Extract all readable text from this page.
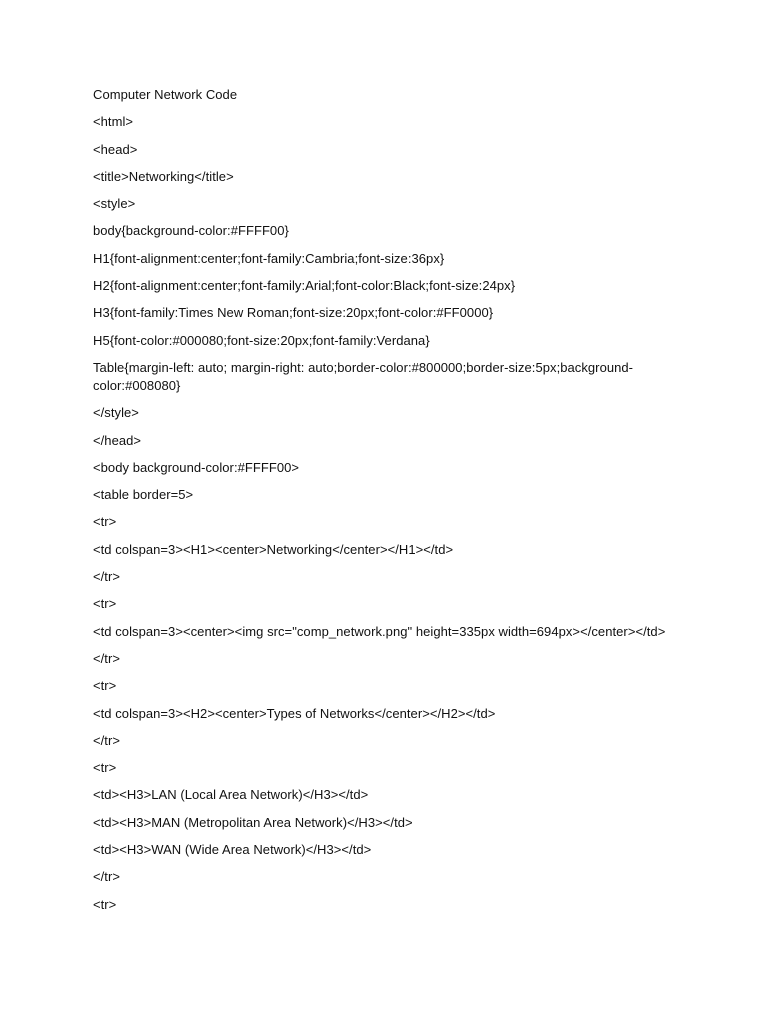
Computer Network Code

<html>

<head>

<title>Networking</title>

<style>

body{background-color:#FFFF00}

H1{font-alignment:center;font-family:Cambria;font-size:36px}

H2{font-alignment:center;font-family:Arial;font-color:Black;font-size:24px}

H3{font-family:Times New Roman;font-size:20px;font-color:#FF0000}

H5{font-color:#000080;font-size:20px;font-family:Verdana}

Table{margin-left: auto; margin-right: auto;border-color:#800000;border-size:5px;background-color:#008080}

</style>

</head>

<body background-color:#FFFF00>

<table border=5>

<tr>

<td colspan=3><H1><center>Networking</center></H1></td>

</tr>

<tr>

<td colspan=3><center><img src="comp_network.png" height=335px width=694px></center></td>

</tr>

<tr>

<td colspan=3><H2><center>Types of Networks</center></H2></td>

</tr>

<tr>

<td><H3>LAN (Local Area Network)</H3></td>

<td><H3>MAN (Metropolitan Area Network)</H3></td>

<td><H3>WAN (Wide Area Network)</H3></td>

</tr>

<tr>
